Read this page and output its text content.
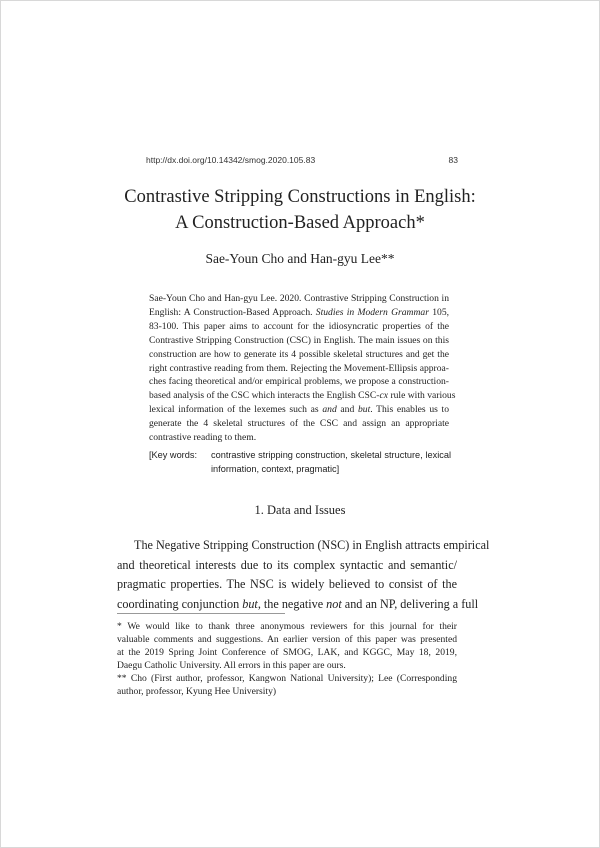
http://dx.doi.org/10.14342/smog.2020.105.83	83
Contrastive Stripping Constructions in English:
A Construction-Based Approach*
Sae-Youn Cho and Han-gyu Lee**
Sae-Youn Cho and Han-gyu Lee. 2020. Contrastive Stripping Construction in
English: A Construction-Based Approach. Studies in Modern Grammar 105,
83-100. This paper aims to account for the idiosyncratic properties of the
Contrastive Stripping Construction (CSC) in English. The main issues on this
construction are how to generate its 4 possible skeletal structures and get the
right contrastive reading from them. Rejecting the Movement-Ellipsis approa-
ches facing theoretical and/or empirical problems, we propose a construction-
based analysis of the CSC which interacts the English CSC-cx rule with various
lexical information of the lexemes such as and and but. This enables us to
generate the 4 skeletal structures of the CSC and assign an appropriate
contrastive reading to them.
[Key words:	contrastive stripping construction, skeletal structure, lexical
information, context, pragmatic]
1. Data and Issues
The Negative Stripping Construction (NSC) in English attracts empirical
and theoretical interests due to its complex syntactic and semantic/
pragmatic properties. The NSC is widely believed to consist of the
coordinating conjunction but, the negative not and an NP, delivering a full
* We would like to thank three anonymous reviewers for this journal for their
valuable comments and suggestions. An earlier version of this paper was presented
at the 2019 Spring Joint Conference of SMOG, LAK, and KGGC, May 18, 2019,
Daegu Catholic University. All errors in this paper are ours.
** Cho (First author, professor, Kangwon National University); Lee (Corresponding
author, professor, Kyung Hee University)
